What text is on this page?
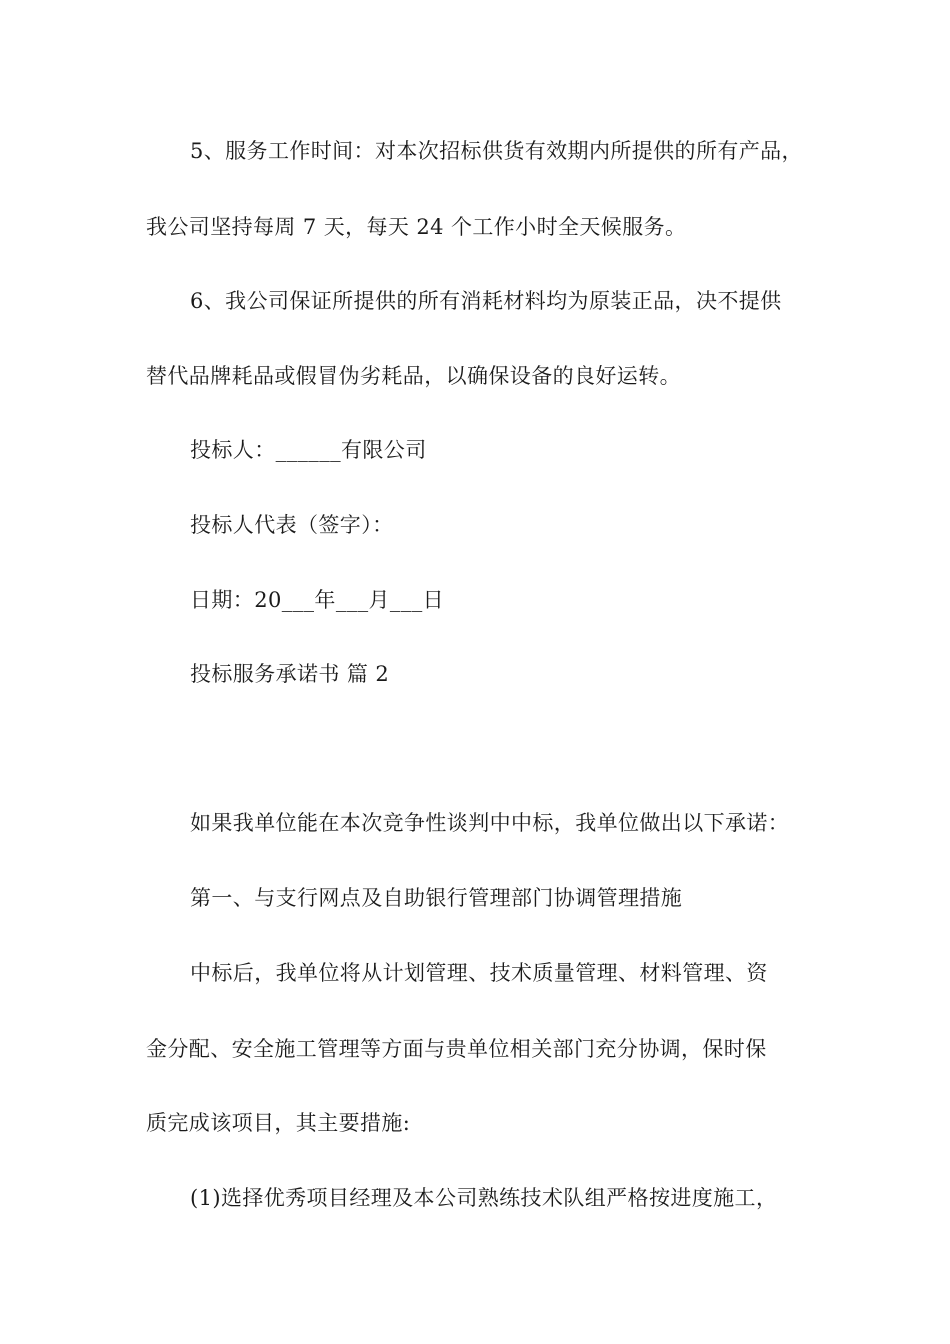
5、服务工作时间：对本次招标供货有效期内所提供的所有产品，
我公司坚持每周 7 天，每天 24 个工作小时全天候服务。
6、我公司保证所提供的所有消耗材料均为原装正品，决不提供
替代品牌耗品或假冒伪劣耗品，以确保设备的良好运转。
投标人：______有限公司
投标人代表（签字）：
日期：20___年___月___日
投标服务承诺书 篇 2
如果我单位能在本次竞争性谈判中中标，我单位做出以下承诺：
第一、与支行网点及自助银行管理部门协调管理措施
中标后，我单位将从计划管理、技术质量管理、材料管理、资
金分配、安全施工管理等方面与贵单位相关部门充分协调，保时保
质完成该项目，其主要措施:
(1)选择优秀项目经理及本公司熟练技术队组严格按进度施工，
